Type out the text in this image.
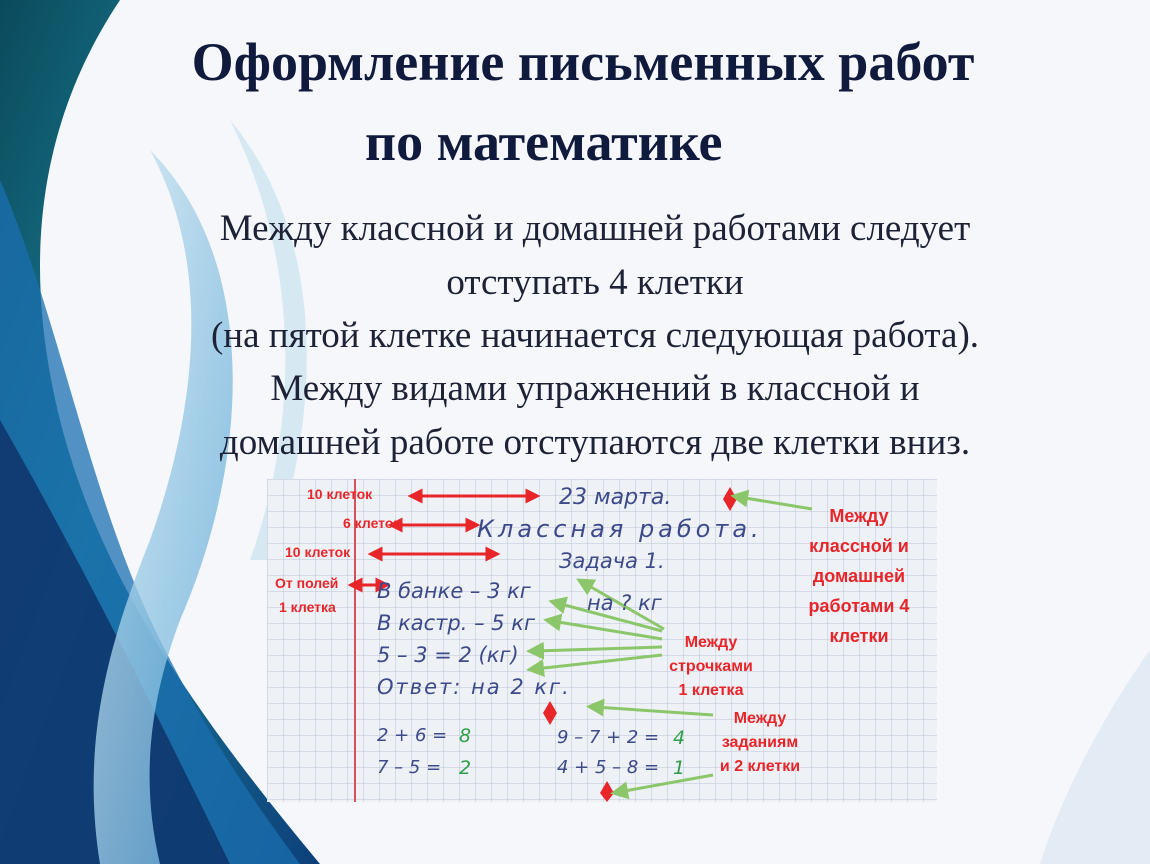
Оформление письменных работ
по математике

Между классной и домашней работами следует

отступать 4 клетки

(на пятой клетке начинается следующая работа).

Между видами упражнений в классной и

домашней работе отступаются две клетки вниз.

23 марта.
Классная работа.
Задача 1.
В банке – 3 кг	на ? кг
В кастр. – 5 кг
5 – 3 = 2 (кг)
Ответ: на 2 кг.
2 + 6 = 8
7 – 5 = 2
9 – 7 + 2 = 4
4 + 5 – 8 = 1
10 клеток
6 клеток
10 клеток
От полей
1 клетка
Между
классной и
домашней
работами 4
клетки
Между
строчками
1 клетка
Между
заданиям
и 2 клетки
